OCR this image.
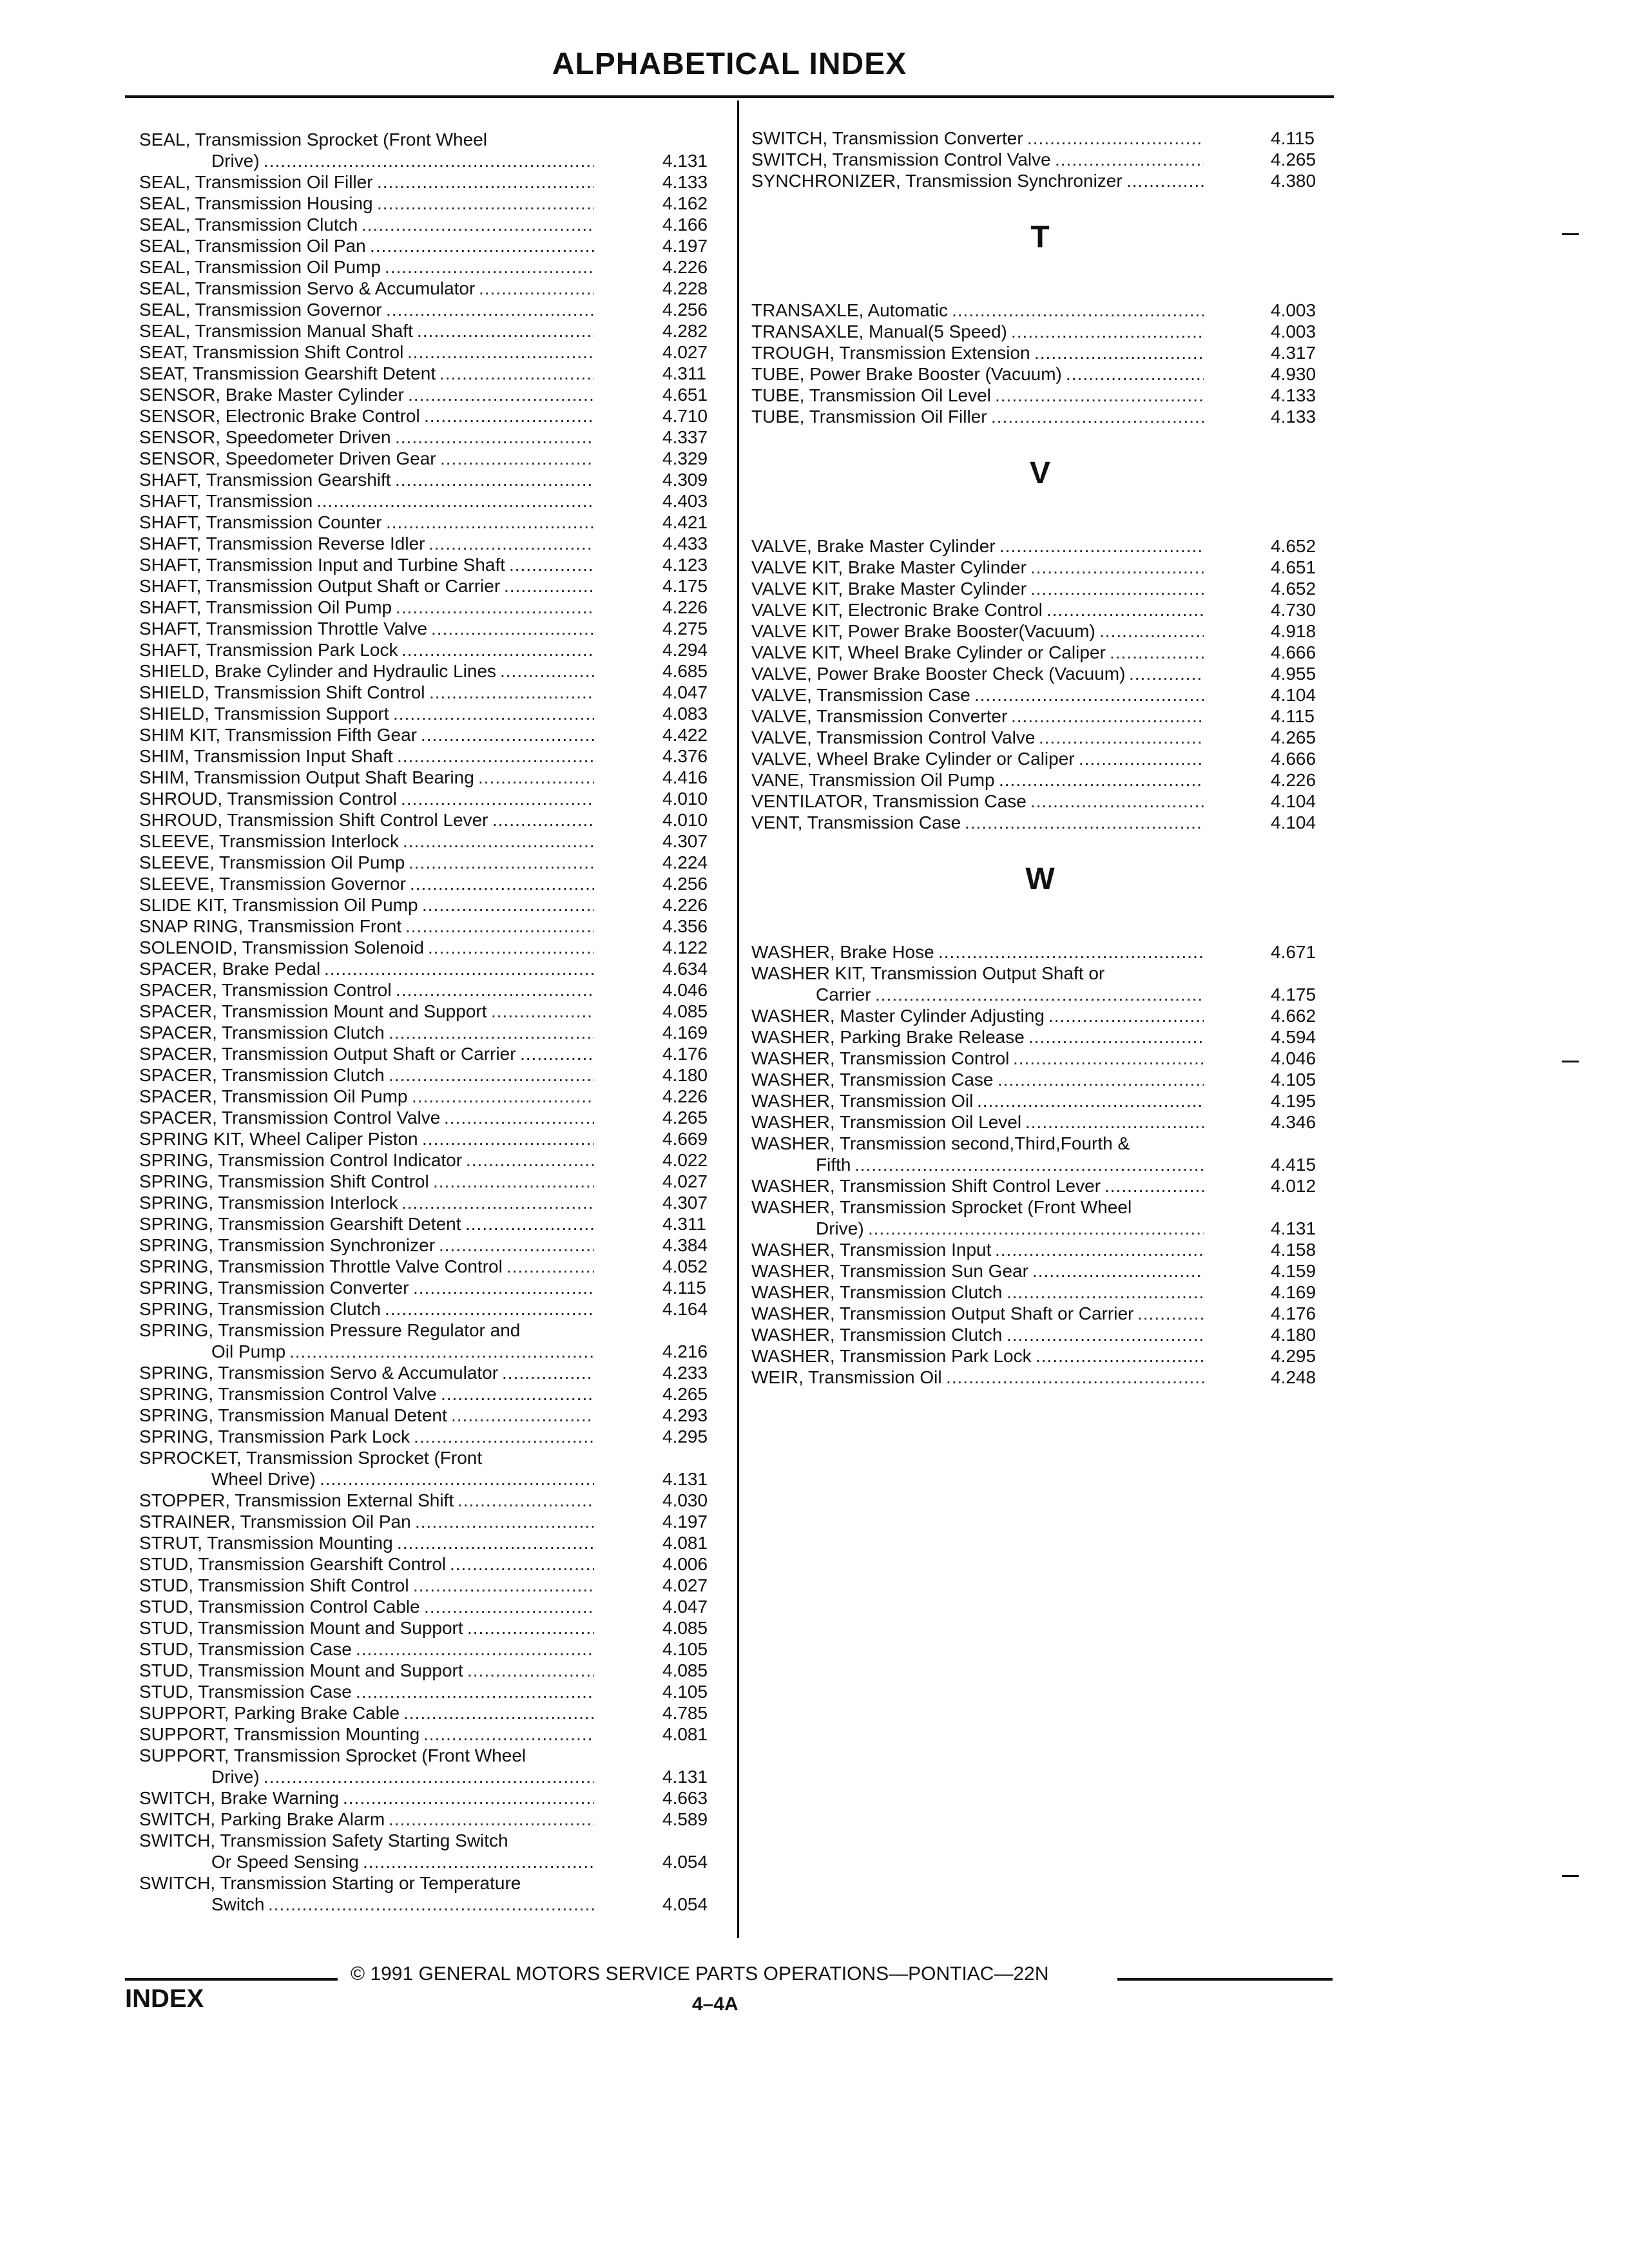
ALPHABETICAL INDEX
SEAL, Transmission Sprocket (Front Wheel
Drive) .....	4.131
SEAL, Transmission Oil Filler .....	4.133
SEAL, Transmission Housing .....	4.162
SEAL, Transmission Clutch .....	4.166
SEAL, Transmission Oil Pan .....	4.197
SEAL, Transmission Oil Pump .....	4.226
SEAL, Transmission Servo & Accumulator .....	4.228
SEAL, Transmission Governor .....	4.256
SEAL, Transmission Manual Shaft .....	4.282
SEAT, Transmission Shift Control .....	4.027
SEAT, Transmission Gearshift Detent .....	4.311
SENSOR, Brake Master Cylinder .....	4.651
SENSOR, Electronic Brake Control .....	4.710
SENSOR, Speedometer Driven .....	4.337
SENSOR, Speedometer Driven Gear .....	4.329
SHAFT, Transmission Gearshift .....	4.309
SHAFT, Transmission .....	4.403
SHAFT, Transmission Counter .....	4.421
SHAFT, Transmission Reverse Idler .....	4.433
SHAFT, Transmission Input and Turbine Shaft .....	4.123
SHAFT, Transmission Output Shaft or Carrier .....	4.175
SHAFT, Transmission Oil Pump .....	4.226
SHAFT, Transmission Throttle Valve .....	4.275
SHAFT, Transmission Park Lock .....	4.294
SHIELD, Brake Cylinder and Hydraulic Lines .....	4.685
SHIELD, Transmission Shift Control .....	4.047
SHIELD, Transmission Support .....	4.083
SHIM KIT, Transmission Fifth Gear .....	4.422
SHIM, Transmission Input Shaft .....	4.376
SHIM, Transmission Output Shaft Bearing .....	4.416
SHROUD, Transmission Control .....	4.010
SHROUD, Transmission Shift Control Lever .....	4.010
SLEEVE, Transmission Interlock .....	4.307
SLEEVE, Transmission Oil Pump .....	4.224
SLEEVE, Transmission Governor .....	4.256
SLIDE KIT, Transmission Oil Pump .....	4.226
SNAP RING, Transmission Front .....	4.356
SOLENOID, Transmission Solenoid .....	4.122
SPACER, Brake Pedal .....	4.634
SPACER, Transmission Control .....	4.046
SPACER, Transmission Mount and Support .....	4.085
SPACER, Transmission Clutch .....	4.169
SPACER, Transmission Output Shaft or Carrier .....	4.176
SPACER, Transmission Clutch .....	4.180
SPACER, Transmission Oil Pump .....	4.226
SPACER, Transmission Control Valve .....	4.265
SPRING KIT, Wheel Caliper Piston .....	4.669
SPRING, Transmission Control Indicator .....	4.022
SPRING, Transmission Shift Control .....	4.027
SPRING, Transmission Interlock .....	4.307
SPRING, Transmission Gearshift Detent .....	4.311
SPRING, Transmission Synchronizer .....	4.384
SPRING, Transmission Throttle Valve Control .....	4.052
SPRING, Transmission Converter .....	4.115
SPRING, Transmission Clutch .....	4.164
SPRING, Transmission Pressure Regulator and
Oil Pump .....	4.216
SPRING, Transmission Servo & Accumulator .....	4.233
SPRING, Transmission Control Valve .....	4.265
SPRING, Transmission Manual Detent .....	4.293
SPRING, Transmission Park Lock .....	4.295
SPROCKET, Transmission Sprocket (Front
Wheel Drive) .....	4.131
STOPPER, Transmission External Shift .....	4.030
STRAINER, Transmission Oil Pan .....	4.197
STRUT, Transmission Mounting .....	4.081
STUD, Transmission Gearshift Control .....	4.006
STUD, Transmission Shift Control .....	4.027
STUD, Transmission Control Cable .....	4.047
STUD, Transmission Mount and Support .....	4.085
STUD, Transmission Case .....	4.105
STUD, Transmission Mount and Support .....	4.085
STUD, Transmission Case .....	4.105
SUPPORT, Parking Brake Cable .....	4.785
SUPPORT, Transmission Mounting .....	4.081
SUPPORT, Transmission Sprocket (Front Wheel
Drive) .....	4.131
SWITCH, Brake Warning .....	4.663
SWITCH, Parking Brake Alarm .....	4.589
SWITCH, Transmission Safety Starting Switch
Or Speed Sensing .....	4.054
SWITCH, Transmission Starting or Temperature
Switch .....	4.054
SWITCH, Transmission Converter .....	4.115
SWITCH, Transmission Control Valve .....	4.265
SYNCHRONIZER, Transmission Synchronizer .....	4.380
T
TRANSAXLE, Automatic .....	4.003
TRANSAXLE, Manual(5 Speed) .....	4.003
TROUGH, Transmission Extension .....	4.317
TUBE, Power Brake Booster (Vacuum) .....	4.930
TUBE, Transmission Oil Level .....	4.133
TUBE, Transmission Oil Filler .....	4.133
V
VALVE, Brake Master Cylinder .....	4.652
VALVE KIT, Brake Master Cylinder .....	4.651
VALVE KIT, Brake Master Cylinder .....	4.652
VALVE KIT, Electronic Brake Control .....	4.730
VALVE KIT, Power Brake Booster(Vacuum) .....	4.918
VALVE KIT, Wheel Brake Cylinder or Caliper .....	4.666
VALVE, Power Brake Booster Check (Vacuum) .....	4.955
VALVE, Transmission Case .....	4.104
VALVE, Transmission Converter .....	4.115
VALVE, Transmission Control Valve .....	4.265
VALVE, Wheel Brake Cylinder or Caliper .....	4.666
VANE, Transmission Oil Pump .....	4.226
VENTILATOR, Transmission Case .....	4.104
VENT, Transmission Case .....	4.104
W
WASHER, Brake Hose .....	4.671
WASHER KIT, Transmission Output Shaft or
Carrier .....	4.175
WASHER, Master Cylinder Adjusting .....	4.662
WASHER, Parking Brake Release .....	4.594
WASHER, Transmission Control .....	4.046
WASHER, Transmission Case .....	4.105
WASHER, Transmission Oil .....	4.195
WASHER, Transmission Oil Level .....	4.346
WASHER, Transmission second,Third,Fourth &
Fifth .....	4.415
WASHER, Transmission Shift Control Lever .....	4.012
WASHER, Transmission Sprocket (Front Wheel
Drive) .....	4.131
WASHER, Transmission Input .....	4.158
WASHER, Transmission Sun Gear .....	4.159
WASHER, Transmission Clutch .....	4.169
WASHER, Transmission Output Shaft or Carrier .....	4.176
WASHER, Transmission Clutch .....	4.180
WASHER, Transmission Park Lock .....	4.295
WEIR, Transmission Oil .....	4.248
© 1991 GENERAL MOTORS SERVICE PARTS OPERATIONS—PONTIAC—22N
INDEX	4–4A
